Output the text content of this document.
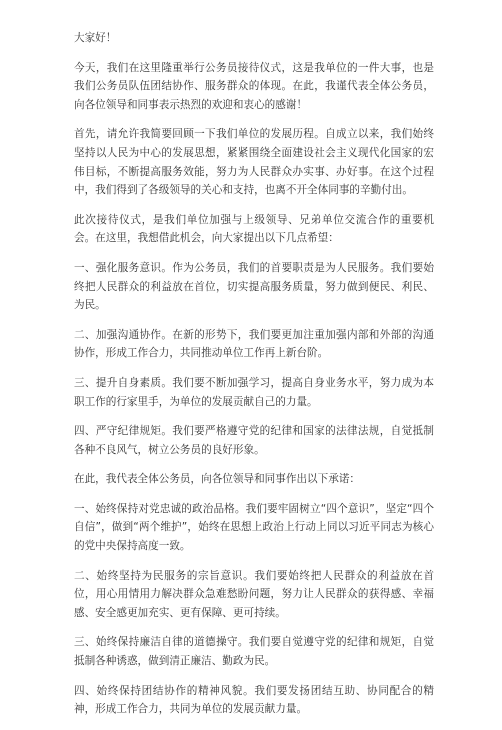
大家好！

今天，我们在这里隆重举行公务员接待仪式，这是我单位的一件大事，也是我们公务员队伍团结协作、服务群众的体现。在此，我谨代表全体公务员，向各位领导和同事表示热烈的欢迎和衷心的感谢！

首先，请允许我简要回顾一下我们单位的发展历程。自成立以来，我们始终坚持以人民为中心的发展思想，紧紧围绕全面建设社会主义现代化国家的宏伟目标，不断提高服务效能，努力为人民群众办实事、办好事。在这个过程中，我们得到了各级领导的关心和支持，也离不开全体同事的辛勤付出。

此次接待仪式，是我们单位加强与上级领导、兄弟单位交流合作的重要机会。在这里，我想借此机会，向大家提出以下几点希望：

一、强化服务意识。作为公务员，我们的首要职责是为人民服务。我们要始终把人民群众的利益放在首位，切实提高服务质量，努力做到便民、利民、为民。

二、加强沟通协作。在新的形势下，我们要更加注重加强内部和外部的沟通协作，形成工作合力，共同推动单位工作再上新台阶。

三、提升自身素质。我们要不断加强学习，提高自身业务水平，努力成为本职工作的行家里手，为单位的发展贡献自己的力量。

四、严守纪律规矩。我们要严格遵守党的纪律和国家的法律法规，自觉抵制各种不良风气，树立公务员的良好形象。

在此，我代表全体公务员，向各位领导和同事作出以下承诺：

一、始终保持对党忠诚的政治品格。我们要牢固树立“四个意识”，坚定“四个自信”，做到“两个维护”，始终在思想上政治上行动上同以习近平同志为核心的党中央保持高度一致。

二、始终坚持为民服务的宗旨意识。我们要始终把人民群众的利益放在首位，用心用情用力解决群众急难愁盼问题，努力让人民群众的获得感、幸福感、安全感更加充实、更有保障、更可持续。

三、始终保持廉洁自律的道德操守。我们要自觉遵守党的纪律和规矩，自觉抵制各种诱惑，做到清正廉洁、勤政为民。

四、始终保持团结协作的精神风貌。我们要发扬团结互助、协同配合的精神，形成工作合力，共同为单位的发展贡献力量。
